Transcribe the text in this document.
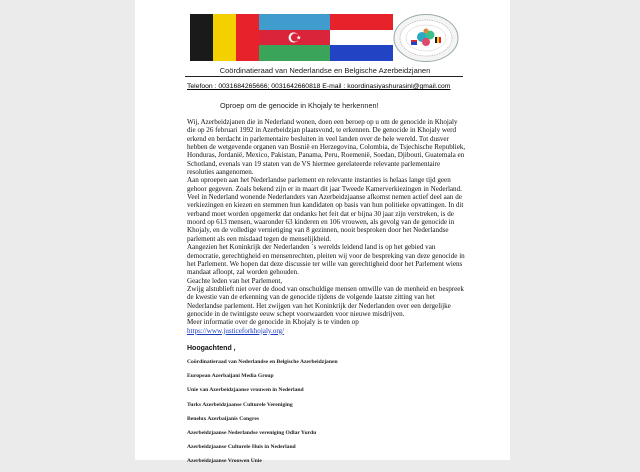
Coördinatieraad van Nederlandse en Belgische Azerbeidzjanen
Telefoon : 0031684265666; 0031642660818 E-mail : koordinasiyashurasinl@gmail.com
Oproep om de genocide in Khojaly te herkennen!

Wij, Azerbeidzjanen die in Nederland wonen, doen een beroep op u om de genocide in Khojaly die op 26 februari 1992 in Azerbeidzjan plaatsvond, te erkennen. De genocide in Khojaly werd erkend en berdacht in parlementaire besluiten in veel landen over de hele wereld. Tot dusver hebben de wetgevende organen van Bosnië en Herzegovina, Colombia, de Tsjechische Republiek, Honduras, Jordanië, Mexico, Pakistan, Panama, Peru, Roemenië, Soedan, Djibouti, Guatemala en Schotland, evenals van 19 staten van de VS hiermee gerelateerde relevante parlementaire resoluties aangenomen.

Aan oproepen aan het Nederlandse parlement en relevante instanties is helaas lange tijd geen gehoor gegeven. Zoals bekend zijn er in maart dit jaar Tweede Kamerverkiezingen in Nederland. Veel in Nederland wonende Nederlanders van Azerbeidzjaanse afkomst nemen actief deel aan de verkiezingen en kiezen en stemmen hun kandidaten op basis van hun politieke opvattingen. In dit verband moet worden opgemerkt dat ondanks het feit dat er bijna 30 jaar zijn verstreken, is de moord op 613 mensen, waaronder 63 kinderen en 106 vrouwen, als gevolg van de genocide in Khojaly, en de volledige vernietiging van 8 gezinnen, nooit besproken door het Nederlandse parlement als een misdaad tegen de menselijkheid.

Aangezien het Koninkrijk der Nederlanden ´s werelds leidend land is op het gebied van democratie, gerechtigheid en mensenrechten, pleiten wij voor de bespreking van deze genocide in het Parlement. We hopen dat deze discussie ter wille van gerechtigheid door het Parlement wiens mandaat afloopt, zal worden gehouden.

Geachte leden van het Parlement,

Zwijg alstublieft niet over de dood van onschuldige mensen omwille van de menheid en bespreek de kwestie van de erkenning van de genocide tijdens de volgende laatste zitting van het Nederlandse parlement. Het zwijgen van het Koninkrijk der Nederlanden over een dergelijke genocide in de twintigste eeuw schept voorwaarden voor nieuwe misdrijven.

Meer informatie over de genocide in Khojaly is te vinden op

https://www.justiceforkhojaly.org/

Hoogachtend ,
Coördinatieraad van Nederlandse en Belgische Azerbeidzjanen
European Azerbaijani Media Group
Unie van Azerbeidzjaanse vrouwen in Nederland
Turks Azerbeidzjaanse Culturele Vereniging
Benelux Azerbaijanis Congres
Azerbeidzjaanse Nederlandse vereniging Odlar Yurdu
Azerbeidzjaanse Culturele Huis in Nederland
Azerbeidzjaanse Vrouwen Unie
